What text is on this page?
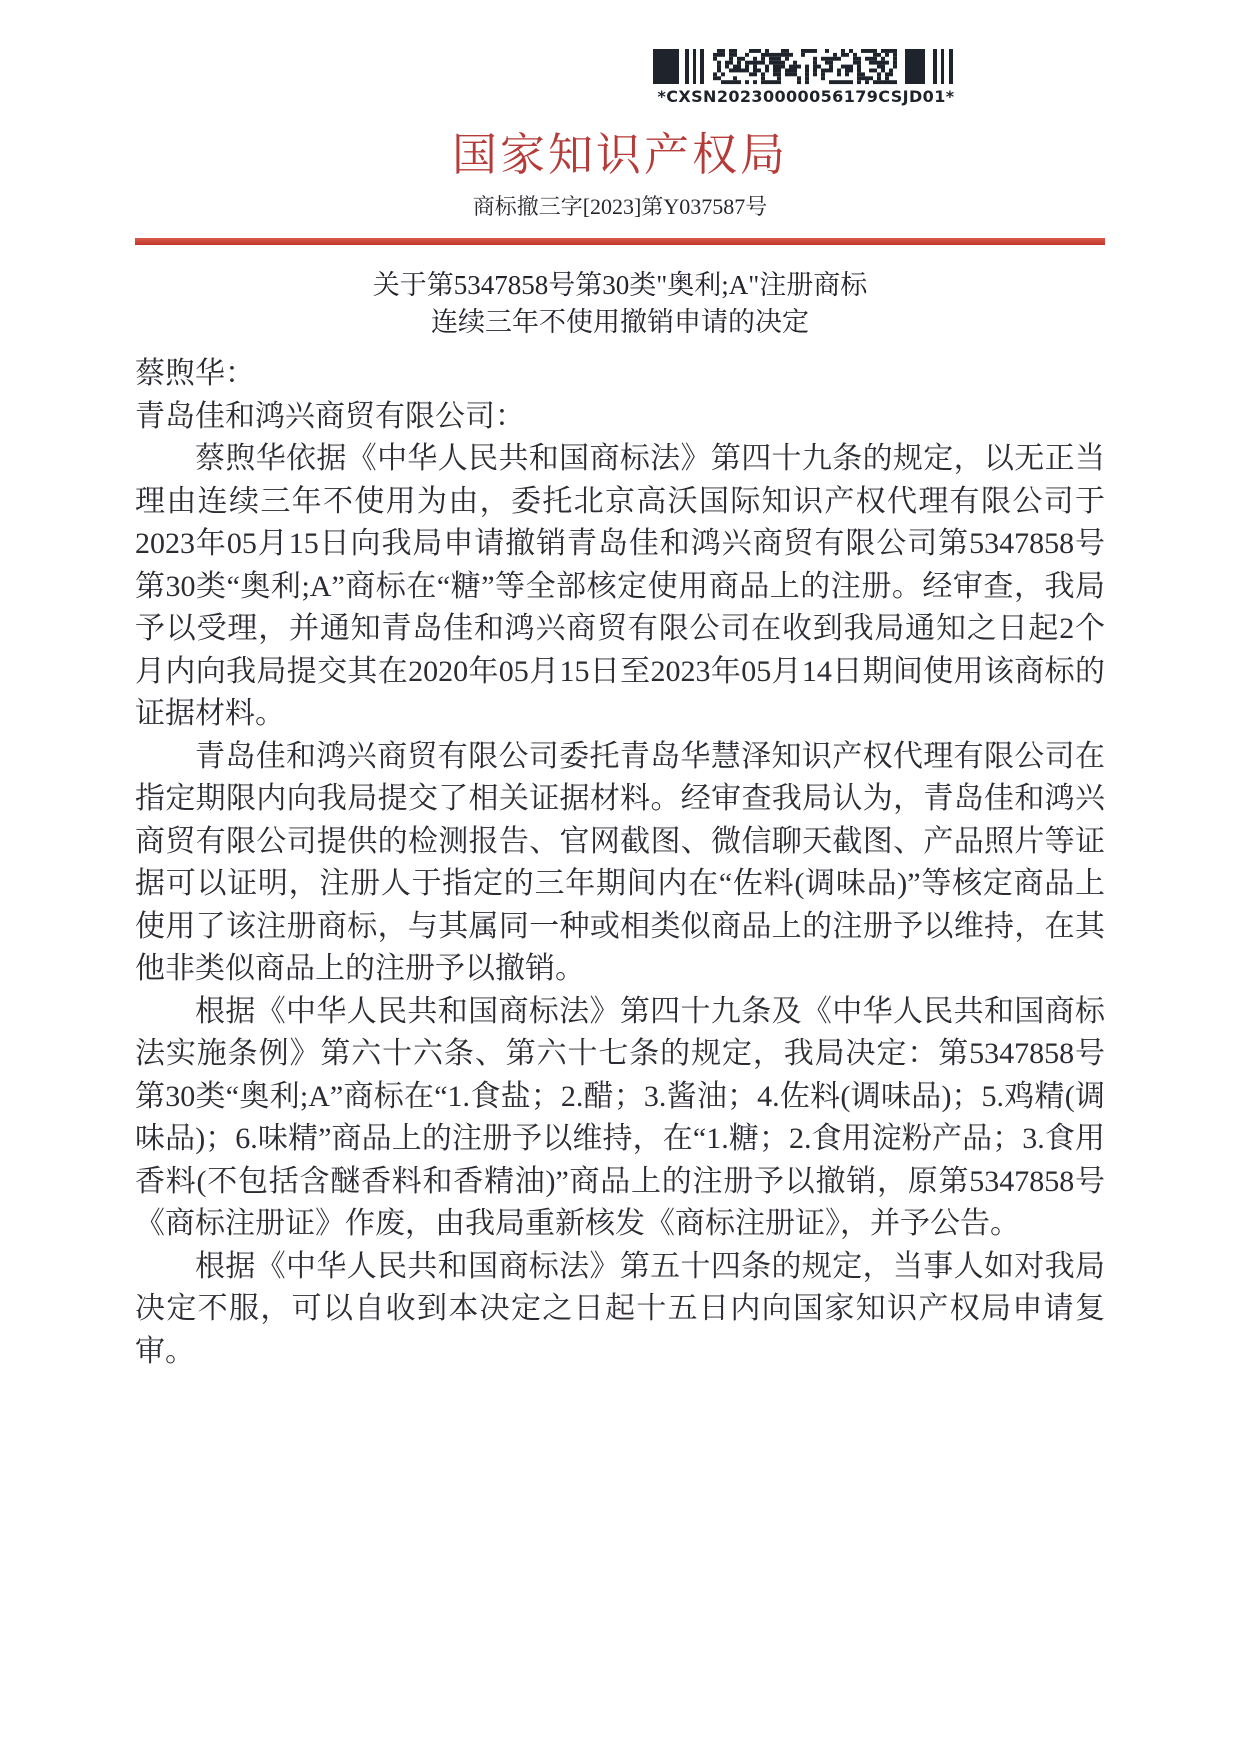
*CXSN20230000056179CSJD01*
国家知识产权局
商标撤三字[2023]第Y037587号
关于第5347858号第30类"奥利;A"注册商标
连续三年不使用撤销申请的决定

蔡煦华：

青岛佳和鸿兴商贸有限公司：

蔡煦华依据《中华人民共和国商标法》第四十九条的规定，以无正当理由连续三年不使用为由，委托北京高沃国际知识产权代理有限公司于2023年05月15日向我局申请撤销青岛佳和鸿兴商贸有限公司第5347858号第30类“奥利;A”商标在“糖”等全部核定使用商品上的注册。经审查，我局予以受理，并通知青岛佳和鸿兴商贸有限公司在收到我局通知之日起2个月内向我局提交其在2020年05月15日至2023年05月14日期间使用该商标的证据材料。

青岛佳和鸿兴商贸有限公司委托青岛华慧泽知识产权代理有限公司在指定期限内向我局提交了相关证据材料。经审查我局认为，青岛佳和鸿兴商贸有限公司提供的检测报告、官网截图、微信聊天截图、产品照片等证据可以证明，注册人于指定的三年期间内在“佐料(调味品)”等核定商品上使用了该注册商标，与其属同一种或相类似商品上的注册予以维持，在其他非类似商品上的注册予以撤销。

根据《中华人民共和国商标法》第四十九条及《中华人民共和国商标法实施条例》第六十六条、第六十七条的规定，我局决定：第5347858号第30类“奥利;A”商标在“1.食盐；2.醋；3.酱油；4.佐料(调味品)；5.鸡精(调味品)；6.味精”商品上的注册予以维持，在“1.糖；2.食用淀粉产品；3.食用香料(不包括含醚香料和香精油)”商品上的注册予以撤销，原第5347858号《商标注册证》作废，由我局重新核发《商标注册证》，并予公告。

根据《中华人民共和国商标法》第五十四条的规定，当事人如对我局决定不服，可以自收到本决定之日起十五日内向国家知识产权局申请复审。
